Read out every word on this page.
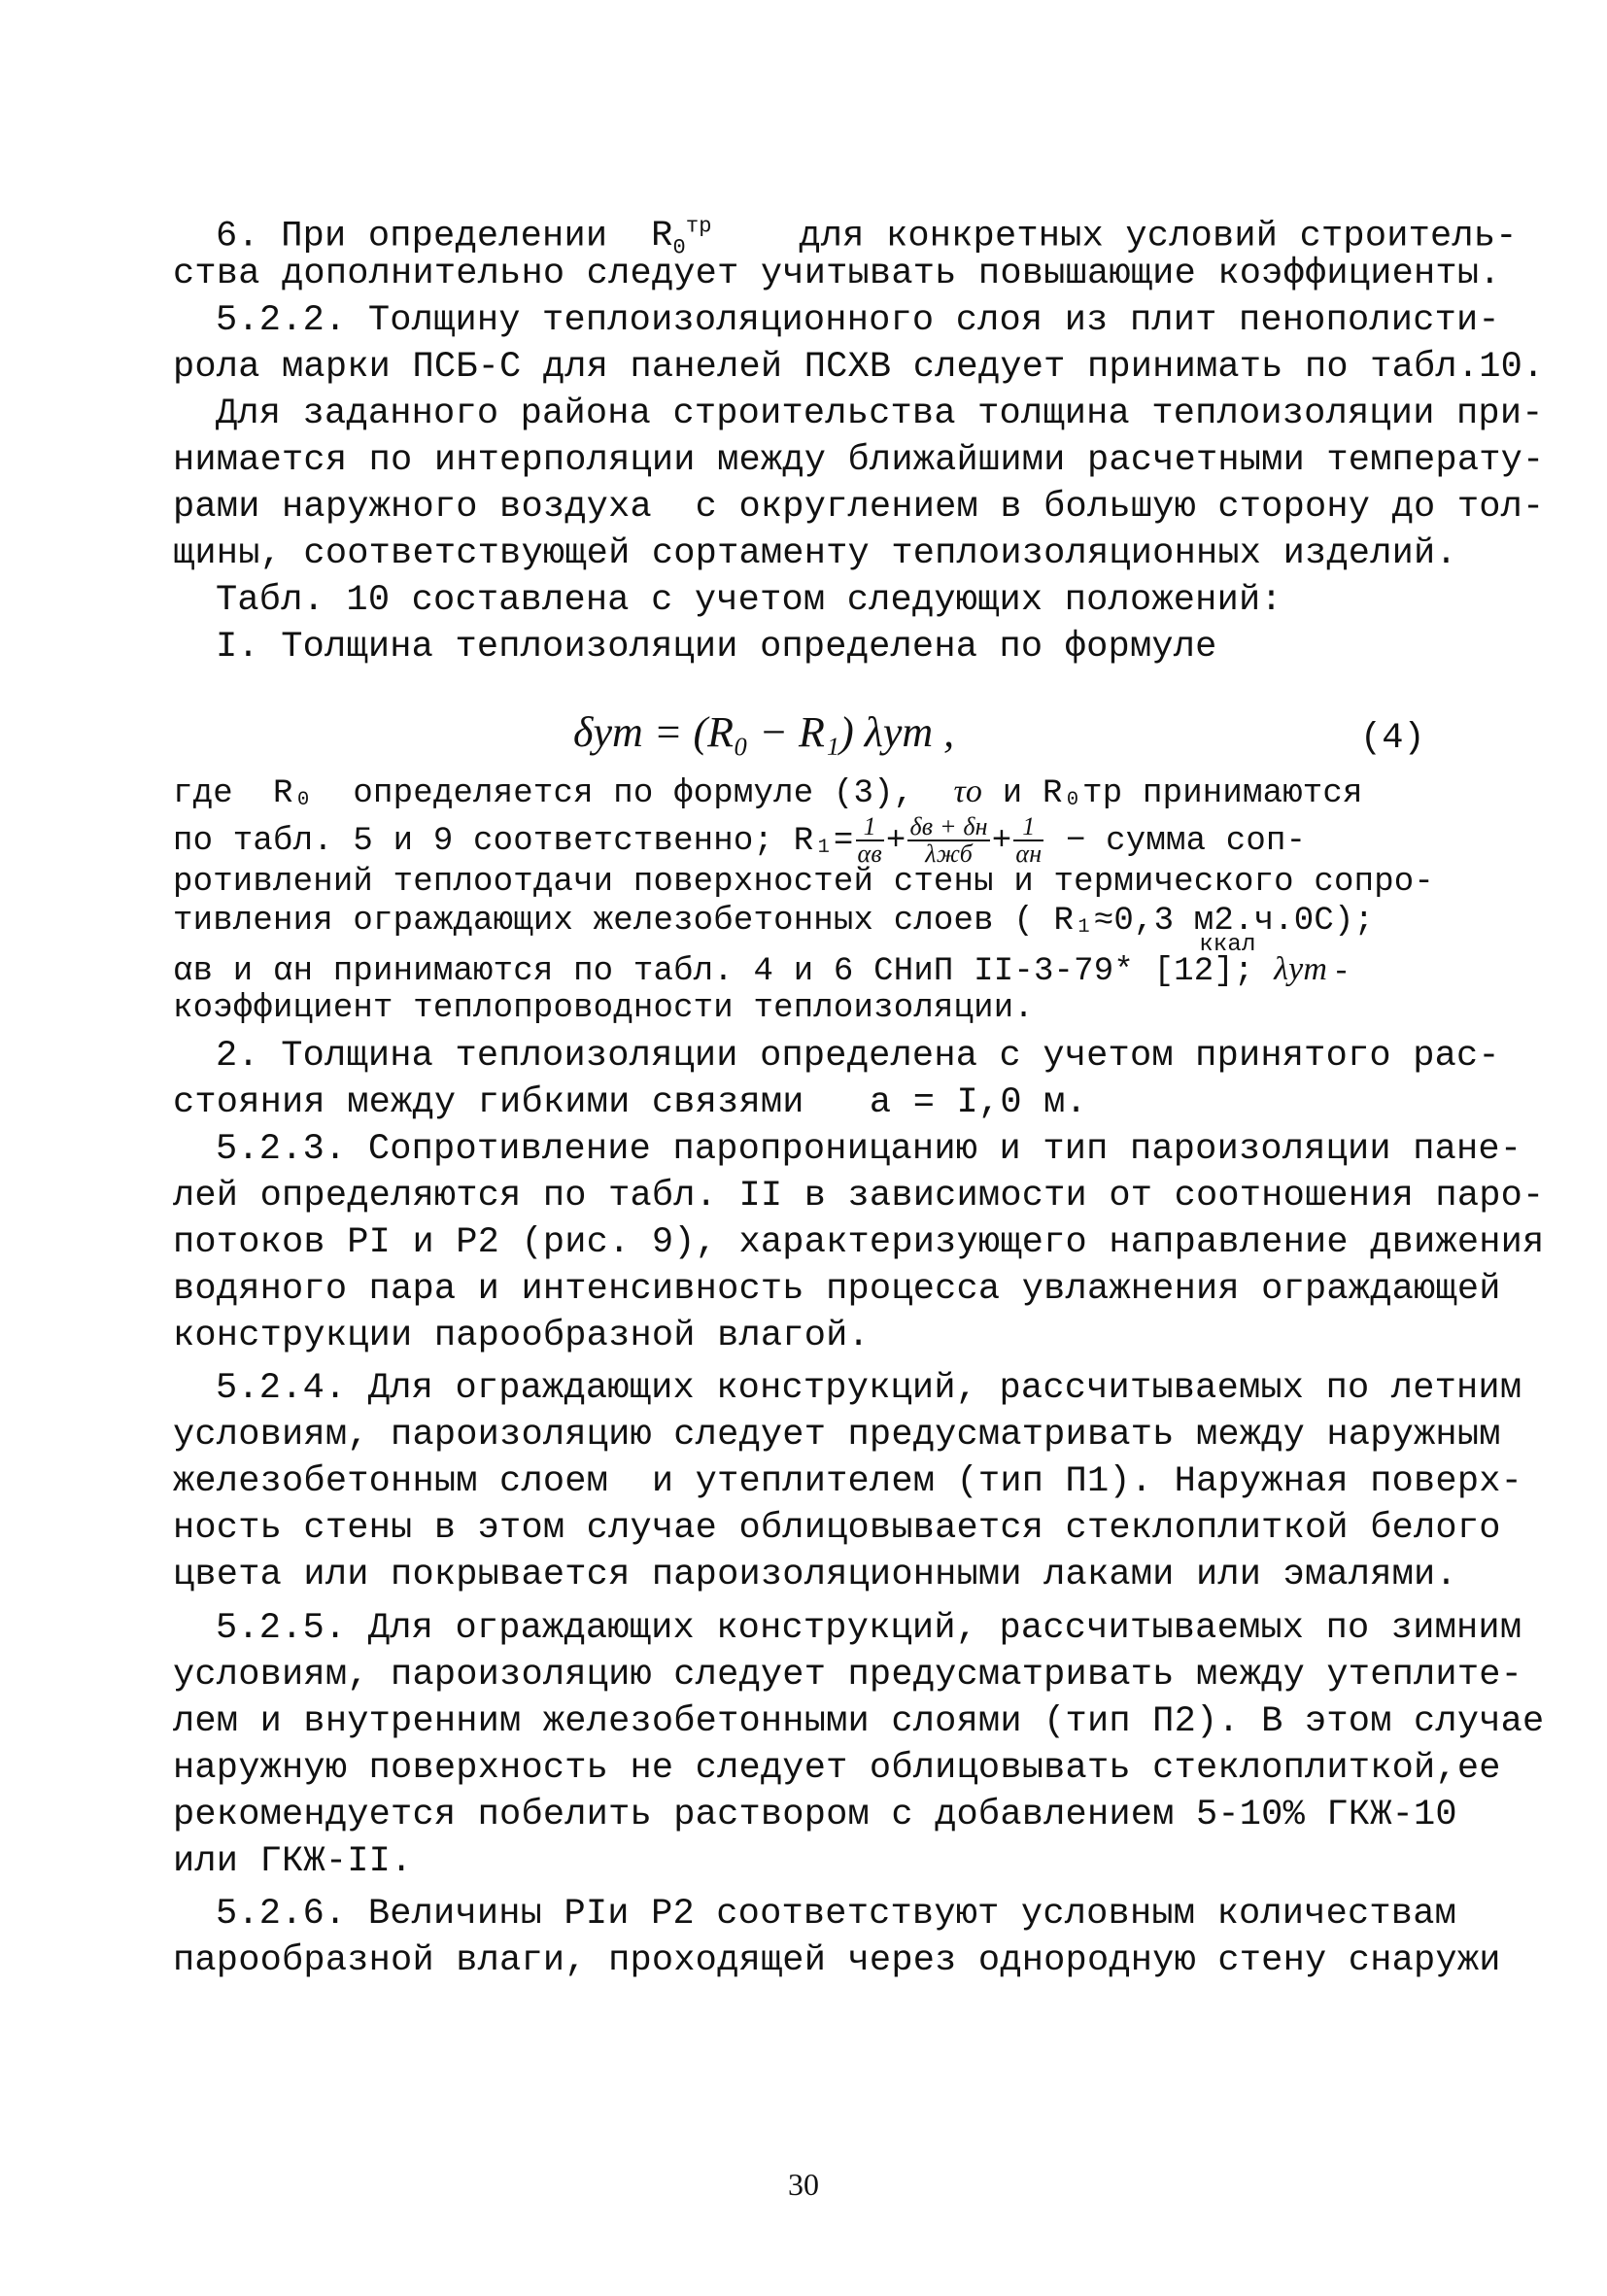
6. При определении $R_0^{тр}$ для конкретных условий строитель-
ства дополнительно следует учитывать повышающие коэффициенты.
5.2.2. Толщину теплоизоляционного слоя из плит пенополисти-
рола марки ПСБ-С для панелей ПСХВ следует принимать по табл.10.
Для заданного района строительства толщина теплоизоляции при-
нимается по интерполяции между ближайшими расчетными температу-
рами наружного воздуха  с округлением в большую сторону до тол-
щины, соответствующей сортаменту теплоизоляционных изделий.
Табл. 10 составлена с учетом следующих положений:
I. Толщина теплоизоляции определена по формуле
δут = (R₀ − R₁) λут ,	(4)
где  R₀  определяется по формуле (3), τо и R₀тр принимаются
по табл. 5 и 9 соответственно; $R_1= \frac{1}{\alpha в} + \frac{\delta в + \delta н}{\text{λжб}} + \frac{1}{\alpha н}$ − сумма соп-
ротивлений теплоотдачи поверхностей стены и термического сопро-
тивления ограждающих железобетонных слоев ( R₁≈0,3 $м2.ч.0С);_{ккал}$
αв и αн принимаются по табл. 4 и 6 СНиП II-3-79* [12]; λут -
коэффициент теплопроводности теплоизоляции.
2. Толщина теплоизоляции определена с учетом принятого рас-
стояния между гибкими связями   a = I,0 м.
5.2.3. Сопротивление паропроницанию и тип пароизоляции пане-
лей определяются по табл. II в зависимости от соотношения паро-
потоков PI и P2 (рис. 9), характеризующего направление движения
водяного пара и интенсивность процесса увлажнения ограждающей
конструкции парообразной влагой.
5.2.4. Для ограждающих конструкций, рассчитываемых по летним
условиям, пароизоляцию следует предусматривать между наружным
железобетонным слоем  и утеплителем (тип П1). Наружная поверх-
ность стены в этом случае облицовывается стеклоплиткой белого
цвета или покрывается пароизоляционными лаками или эмалями.
5.2.5. Для ограждающих конструкций, рассчитываемых по зимним
условиям, пароизоляцию следует предусматривать между утеплите-
лем и внутренним железобетонными слоями (тип П2). В этом случае
наружную поверхность не следует облицовывать стеклоплиткой,ее
рекомендуется побелить раствором с добавлением 5-10% ГКЖ-10
или ГКЖ-II.
5.2.6. Величины PIи P2 соответствуют условным количествам
парообразной влаги, проходящей через однородную стену снаружи
30
